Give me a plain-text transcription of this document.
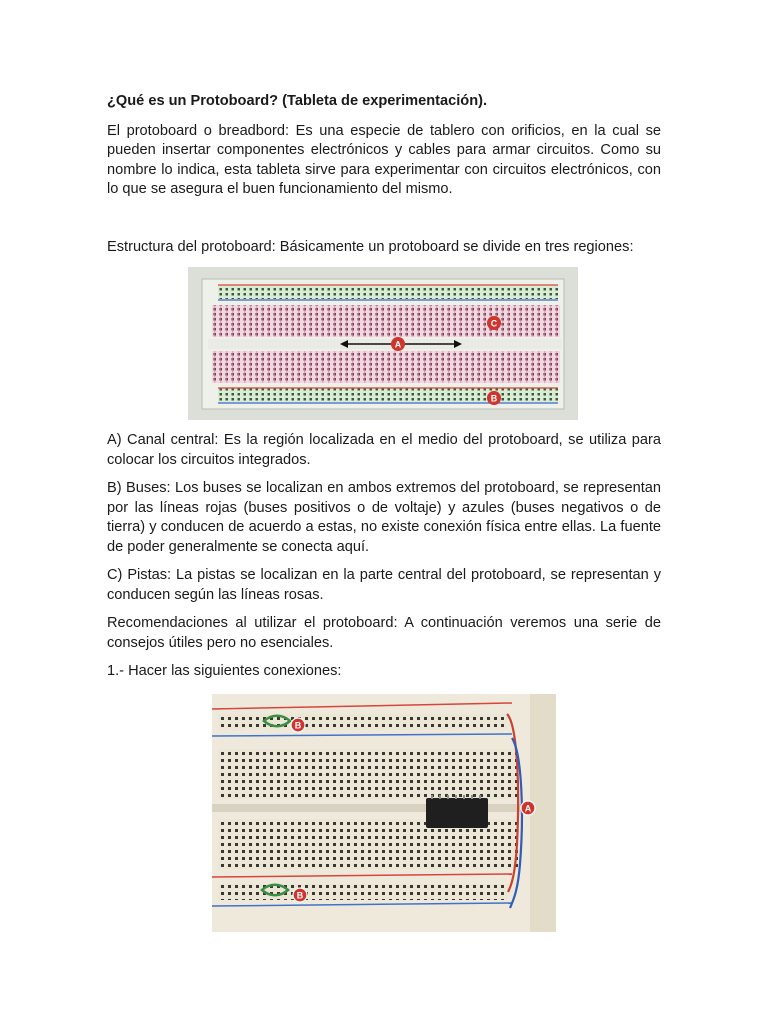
¿Qué es un Protoboard? (Tableta de experimentación).

El protoboard o breadbord: Es una especie de tablero con orificios, en la cual se pueden insertar componentes electrónicos y cables para armar circuitos. Como su nombre lo indica, esta tableta sirve para experimentar con circuitos electrónicos, con lo que se asegura el buen funcionamiento del mismo.

Estructura del protoboard: Básicamente un protoboard se divide en tres regiones:

A
C
B

A) Canal central: Es la región localizada en el medio del protoboard, se utiliza para colocar los circuitos integrados.

B) Buses: Los buses se localizan en ambos extremos del protoboard, se representan por las líneas rojas (buses positivos o de voltaje) y azules (buses negativos o de tierra) y conducen de acuerdo a estas, no existe conexión física entre ellas. La fuente de poder generalmente se conecta aquí.

C) Pistas: La pistas se localizan en la parte central del protoboard, se representan y conducen según las líneas rosas.

Recomendaciones al utilizar el protoboard: A continuación veremos una serie de consejos útiles pero no esenciales.

1.- Hacer las siguientes conexiones:

B
B
A
